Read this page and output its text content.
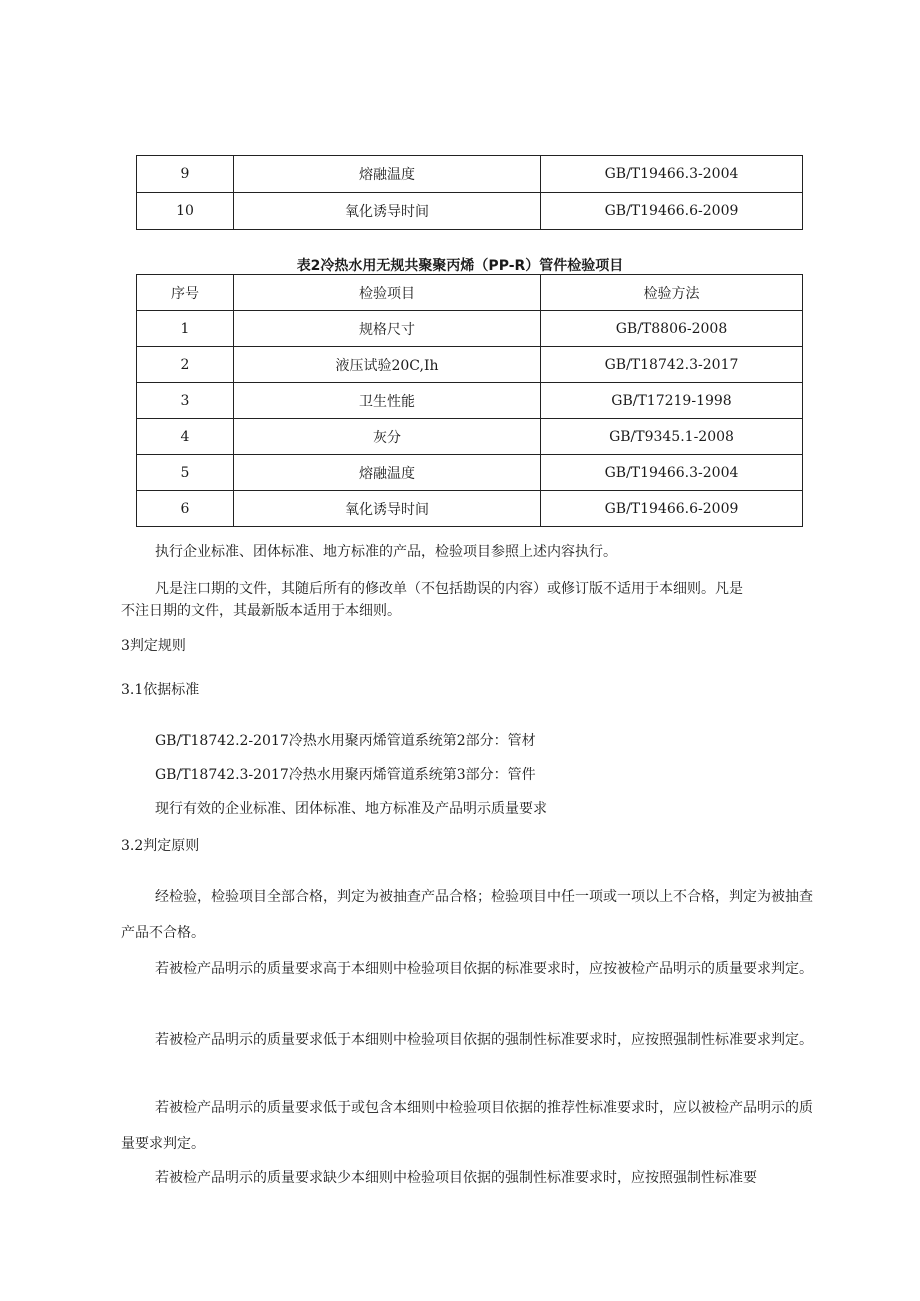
9	熔融温度	GB/T19466.3-2004
10	氧化诱导时间	GB/T19466.6-2009
表2冷热水用无规共聚聚丙烯（PP-R）管件检验项目
序号	检验项目	检验方法
1	规格尺寸	GB/T8806-2008
2	液压试验20C,Ih	GB/T18742.3-2017
3	卫生性能	GB/T17219-1998
4	灰分	GB/T9345.1-2008
5	熔融温度	GB/T19466.3-2004
6	氧化诱导时间	GB/T19466.6-2009
执行企业标准、团体标准、地方标准的产品，检验项目参照上述内容执行。
凡是注口期的文件，其随后所有的修改单（不包括勘误的内容）或修订版不适用于本细则。凡是
不注日期的文件，其最新版本适用于本细则。
3判定规则
3.1依据标准
GB/T18742.2-2017冷热水用聚丙烯管道系统第2部分：管材
GB/T18742.3-2017冷热水用聚丙烯管道系统第3部分：管件
现行有效的企业标准、团体标准、地方标准及产品明示质量要求
3.2判定原则
经检验，检验项目全部合格，判定为被抽查产品合格；检验项目中任一项或一项以上不合格，判定为被抽查产品不合格。
若被检产品明示的质量要求高于本细则中检验项目依据的标准要求时，应按被检产品明示的质量要求判定。
若被检产品明示的质量要求低于本细则中检验项目依据的强制性标准要求时，应按照强制性标准要求判定。
若被检产品明示的质量要求低于或包含本细则中检验项目依据的推荐性标准要求时，应以被检产品明示的质量要求判定。
若被检产品明示的质量要求缺少本细则中检验项目依据的强制性标准要求时，应按照强制性标准要
